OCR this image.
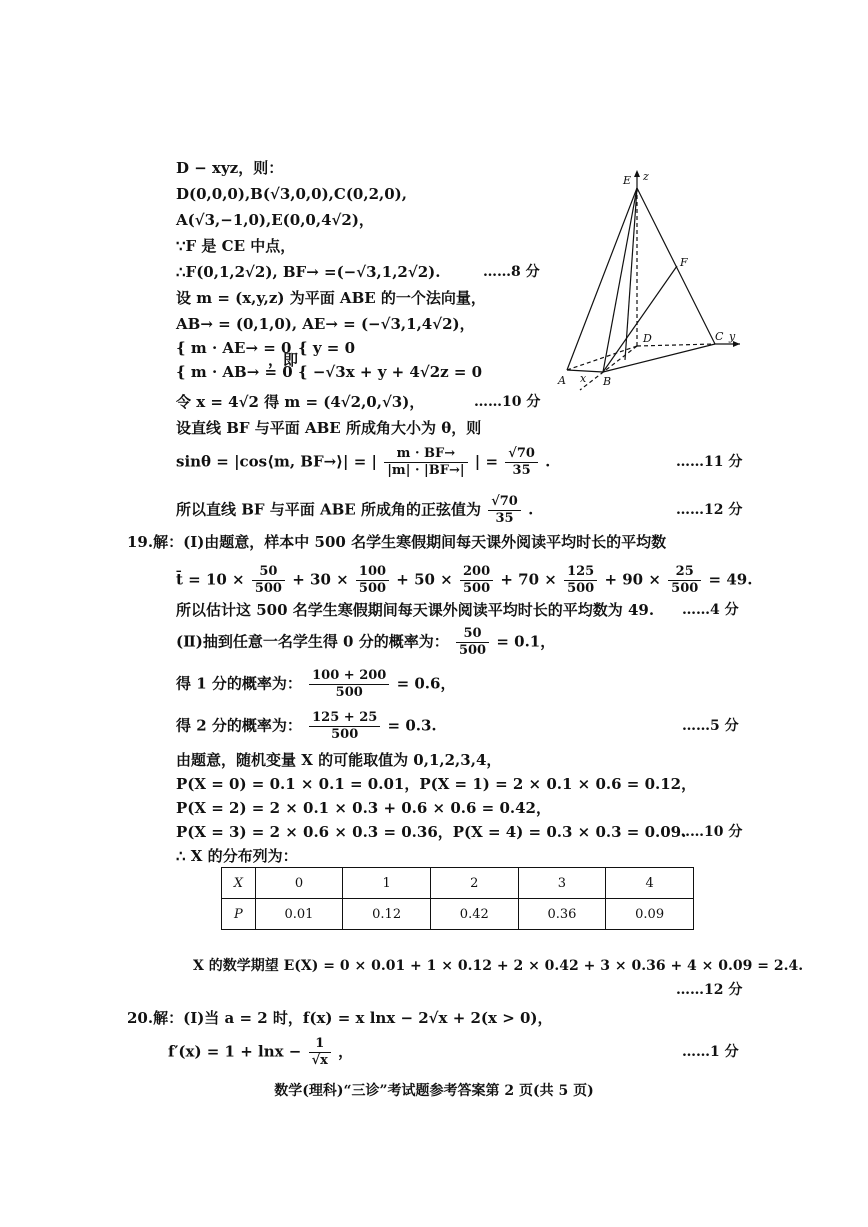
D − xyz，则：
D(0,0,0),B(√3,0,0),C(0,2,0),
A(√3,−1,0),E(0,0,4√2)，
∵F 是 CE 中点，
∴F(0,1,2√2), BF→ =(−√3,1,2√2).	……8 分
设 m = (x,y,z) 为平面 ABE 的一个法向量，
AB→ = (0,1,0), AE→ = (−√3,1,4√2)，
{ m · AE→ = 0
{ m · AB→ = 0
，即
{ y = 0
{ −√3x + y + 4√2z = 0
令 x = 4√2 得 m = (4√2,0,√3)，	……10 分
设直线 BF 与平面 ABE 所成角大小为 θ，则
sinθ = |cos⟨m, BF→⟩| = | $\frac{m \cdot BF\to}{|m| \cdot |BF\to|}$ | = $\frac{√70}{35}$ .	……11 分
所以直线 BF 与平面 ABE 所成角的正弦值为 $\frac{√70}{35}$ .	……12 分
E z
F
D	C y
A x B
19.解：(Ⅰ)由题意，样本中 500 名学生寒假期间每天课外阅读平均时长的平均数
t̄ = $10 \times \frac{50}{500} + 30 \times \frac{100}{500} + 50 \times \frac{200}{500} + 70 \times \frac{125}{500} + 90 \times \frac{25}{500} = 49$.
所以估计这 500 名学生寒假期间每天课外阅读平均时长的平均数为 49. ……4 分
(Ⅱ)抽到任意一名学生得 0 分的概率为： $\frac{50}{500} = 0.1$，
得 1 分的概率为： $\frac{100 + 200}{500} = 0.6$，
得 2 分的概率为： $\frac{125 + 25}{500} = 0.3$.	……5 分
由题意，随机变量 X 的可能取值为 0,1,2,3,4，
P(X = 0) = 0.1 × 0.1 = 0.01，P(X = 1) = 2 × 0.1 × 0.6 = 0.12，
P(X = 2) = 2 × 0.1 × 0.3 + 0.6 × 0.6 = 0.42，
P(X = 3) = 2 × 0.6 × 0.3 = 0.36，P(X = 4) = 0.3 × 0.3 = 0.09.
……10 分
∴ X 的分布列为：
X	0	1	2	3	4
P	0.01	0.12	0.42	0.36	0.09
X 的数学期望 E(X) = 0 × 0.01 + 1 × 0.12 + 2 × 0.42 + 3 × 0.36 + 4 × 0.09 = 2.4.
……12 分
20.解：(Ⅰ)当 a = 2 时，f(x) = x lnx − 2√x + 2(x > 0)，
$f'(x) = 1 + \ln x - \frac{1}{√x}$ ，	……1 分
数学(理科)“三诊”考试题参考答案第 2 页(共 5 页)
